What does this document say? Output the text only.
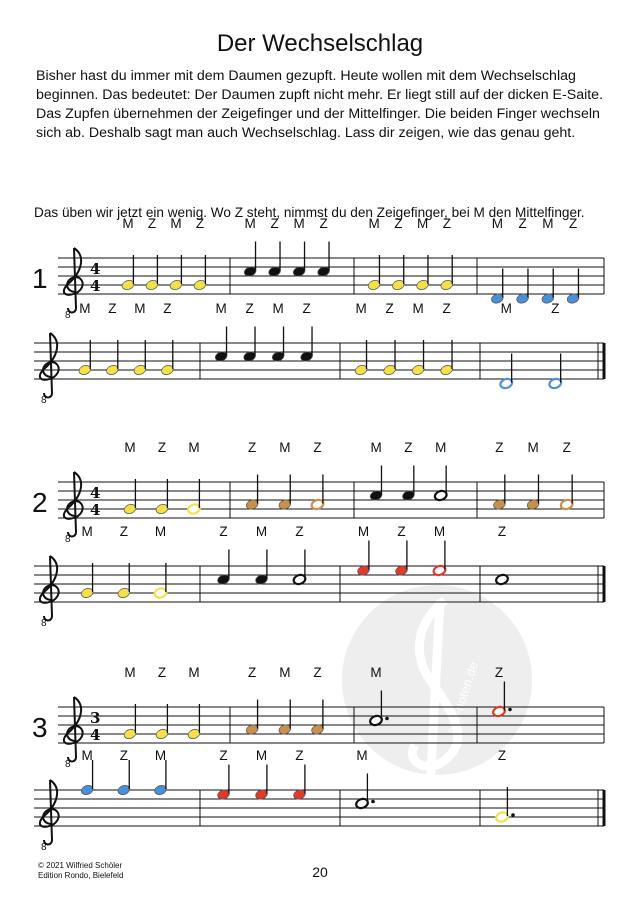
Der Wechselschlag
Bisher hast du immer mit dem Daumen gezupft. Heute wollen mit dem Wechselschlag beginnen. Das bedeutet: Der Daumen zupft nicht mehr. Er liegt still auf der dicken E-Saite. Das Zupfen übernehmen der Zeigefinger und der Mittelfinger. Die beiden Finger wechseln sich ab. Deshalb sagt man auch Wechselschlag. Lass dir zeigen, wie das genau geht.
Das üben wir jetzt ein wenig. Wo Z steht, nimmst du den Zeigefinger, bei M den Mittelfinger.
alle-noten.de
1	4
4
8
M Z M Z	M Z M Z	M Z M Z	M Z M Z
8
M Z M Z	M Z M Z	M Z M Z	M	Z
2	4
4
8
M Z M	Z M Z	M Z M	Z M Z
8
M Z M	Z M Z	M Z M	Z
3	3
4
8
M Z M	Z M Z	M	Z
8
M Z M	Z M Z	M	Z
© 2021 Wilfried Schöler
Edition Rondo, Bielefeld	20
